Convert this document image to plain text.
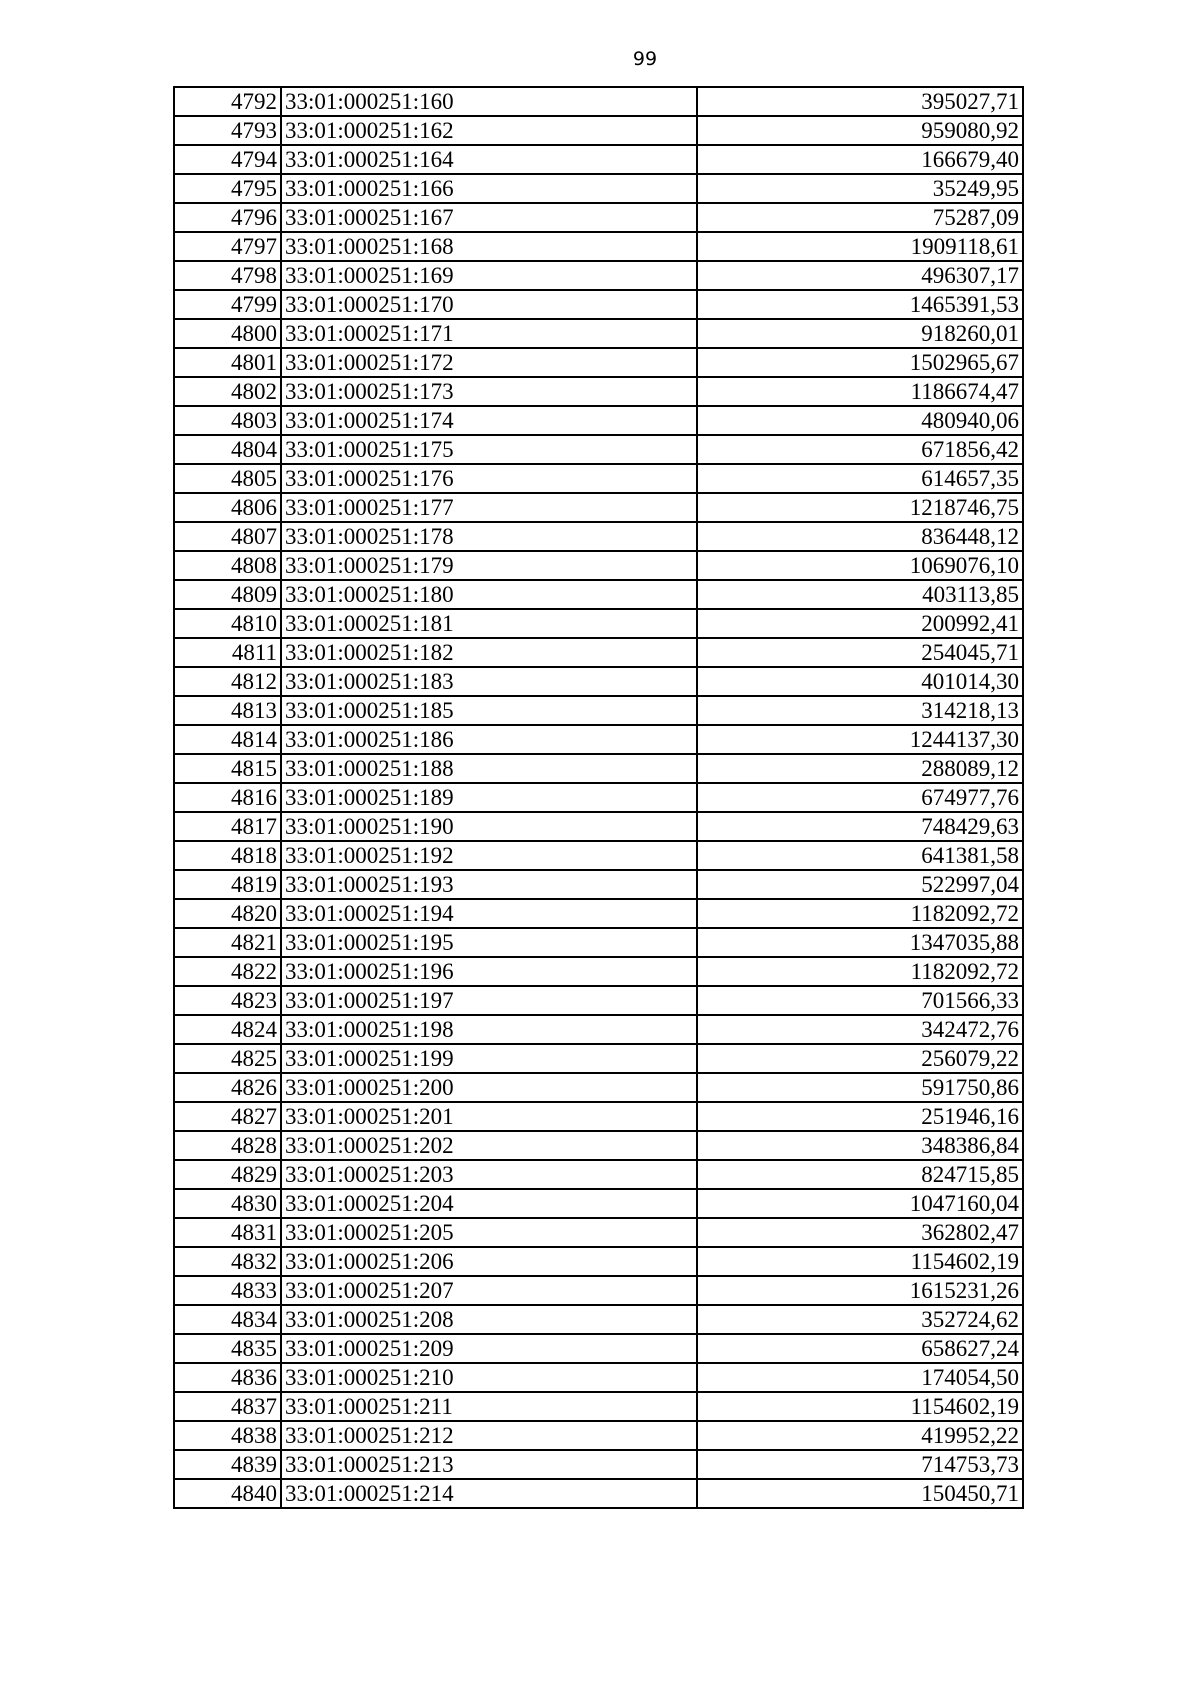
99
4792	33:01:000251:160	395027,71
4793	33:01:000251:162	959080,92
4794	33:01:000251:164	166679,40
4795	33:01:000251:166	35249,95
4796	33:01:000251:167	75287,09
4797	33:01:000251:168	1909118,61
4798	33:01:000251:169	496307,17
4799	33:01:000251:170	1465391,53
4800	33:01:000251:171	918260,01
4801	33:01:000251:172	1502965,67
4802	33:01:000251:173	1186674,47
4803	33:01:000251:174	480940,06
4804	33:01:000251:175	671856,42
4805	33:01:000251:176	614657,35
4806	33:01:000251:177	1218746,75
4807	33:01:000251:178	836448,12
4808	33:01:000251:179	1069076,10
4809	33:01:000251:180	403113,85
4810	33:01:000251:181	200992,41
4811	33:01:000251:182	254045,71
4812	33:01:000251:183	401014,30
4813	33:01:000251:185	314218,13
4814	33:01:000251:186	1244137,30
4815	33:01:000251:188	288089,12
4816	33:01:000251:189	674977,76
4817	33:01:000251:190	748429,63
4818	33:01:000251:192	641381,58
4819	33:01:000251:193	522997,04
4820	33:01:000251:194	1182092,72
4821	33:01:000251:195	1347035,88
4822	33:01:000251:196	1182092,72
4823	33:01:000251:197	701566,33
4824	33:01:000251:198	342472,76
4825	33:01:000251:199	256079,22
4826	33:01:000251:200	591750,86
4827	33:01:000251:201	251946,16
4828	33:01:000251:202	348386,84
4829	33:01:000251:203	824715,85
4830	33:01:000251:204	1047160,04
4831	33:01:000251:205	362802,47
4832	33:01:000251:206	1154602,19
4833	33:01:000251:207	1615231,26
4834	33:01:000251:208	352724,62
4835	33:01:000251:209	658627,24
4836	33:01:000251:210	174054,50
4837	33:01:000251:211	1154602,19
4838	33:01:000251:212	419952,22
4839	33:01:000251:213	714753,73
4840	33:01:000251:214	150450,71
